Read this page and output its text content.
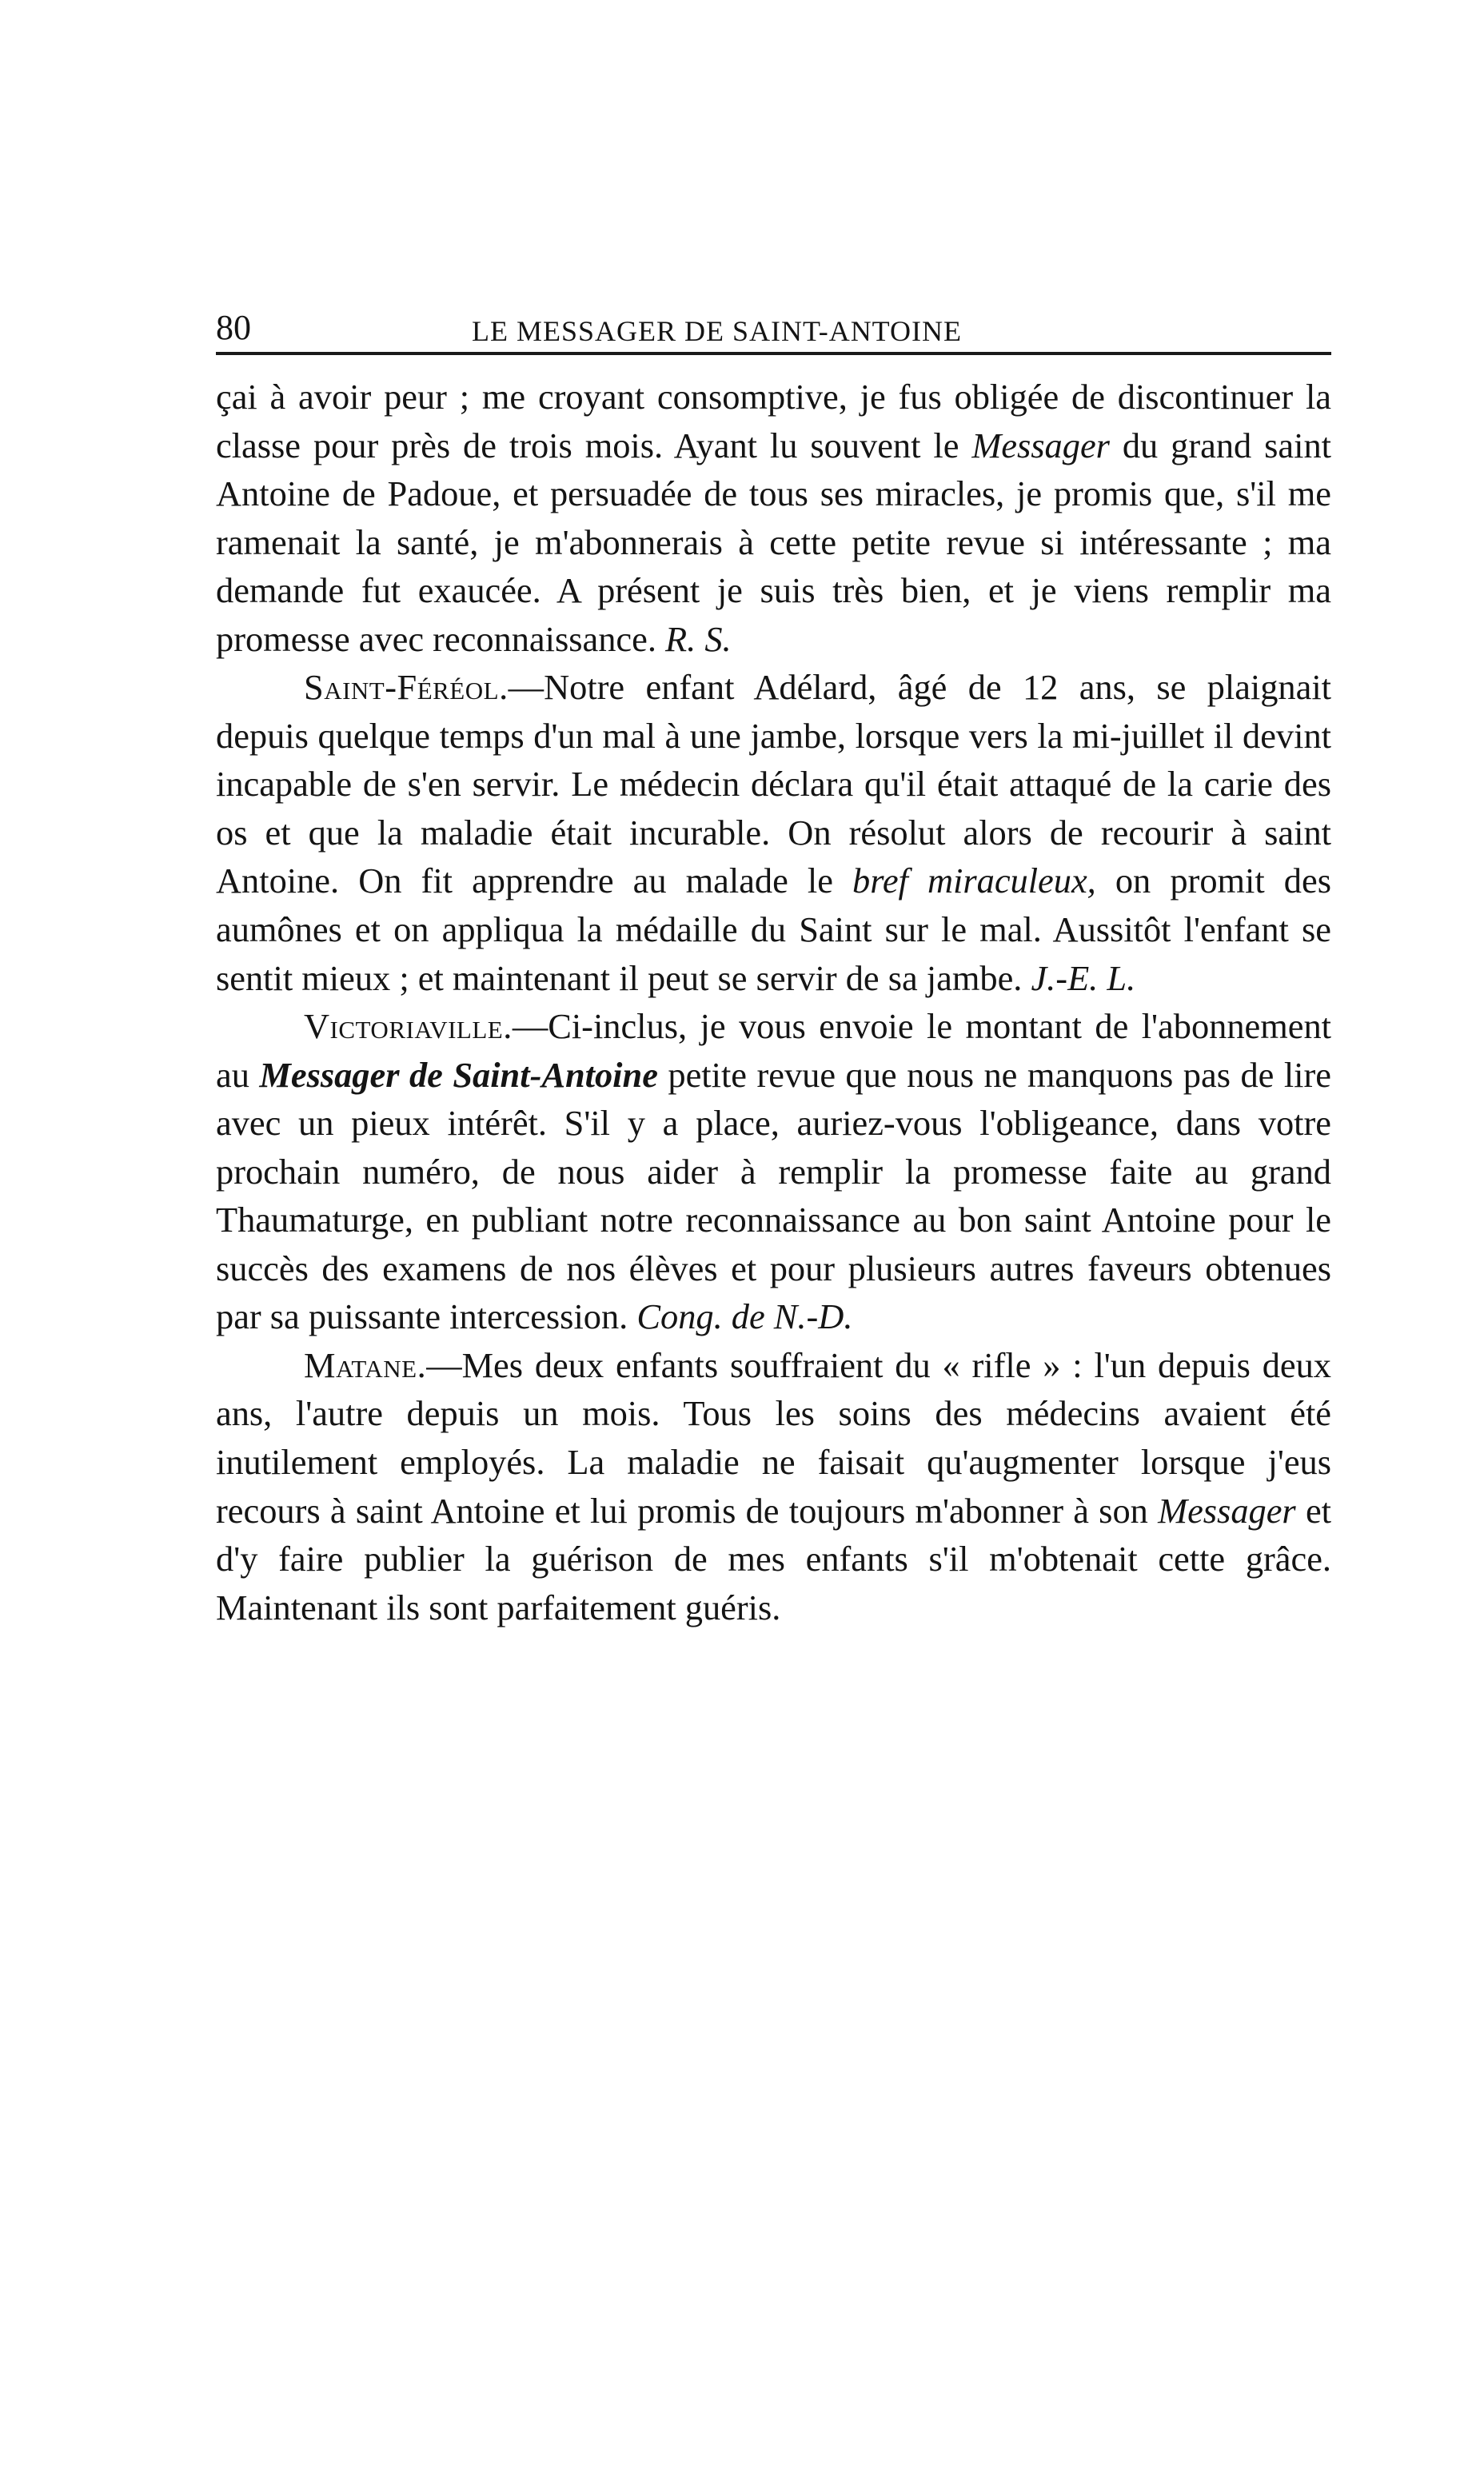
80	LE MESSAGER DE SAINT-ANTOINE

çai à avoir peur ; me croyant consomptive, je fus obligée de discontinuer la classe pour près de trois mois. Ayant lu souvent le Messager du grand saint Antoine de Padoue, et persuadée de tous ses miracles, je promis que, s'il me ramenait la santé, je m'abonnerais à cette petite revue si intéressante ; ma demande fut exaucée. A présent je suis très bien, et je viens remplir ma promesse avec reconnaissance. R. S.

Saint-Féréol.—Notre enfant Adélard, âgé de 12 ans, se plaignait depuis quelque temps d'un mal à une jambe, lorsque vers la mi-juillet il devint incapable de s'en servir. Le médecin déclara qu'il était attaqué de la carie des os et que la maladie était incurable. On résolut alors de recourir à saint Antoine. On fit apprendre au malade le bref miraculeux, on promit des aumônes et on appliqua la médaille du Saint sur le mal. Aussitôt l'enfant se sentit mieux ; et maintenant il peut se servir de sa jambe. J.-E. L.

Victoriaville.—Ci-inclus, je vous envoie le montant de l'abonnement au Messager de Saint-Antoine petite revue que nous ne manquons pas de lire avec un pieux intérêt. S'il y a place, auriez-vous l'obligeance, dans votre prochain numéro, de nous aider à remplir la promesse faite au grand Thaumaturge, en publiant notre reconnaissance au bon saint Antoine pour le succès des examens de nos élèves et pour plusieurs autres faveurs obtenues par sa puissante intercession. Cong. de N.-D.

Matane.—Mes deux enfants souffraient du « rifle » : l'un depuis deux ans, l'autre depuis un mois. Tous les soins des médecins avaient été inutilement employés. La maladie ne faisait qu'augmenter lorsque j'eus recours à saint Antoine et lui promis de toujours m'abonner à son Messager et d'y faire publier la guérison de mes enfants s'il m'obtenait cette grâce. Maintenant ils sont parfaitement guéris.
